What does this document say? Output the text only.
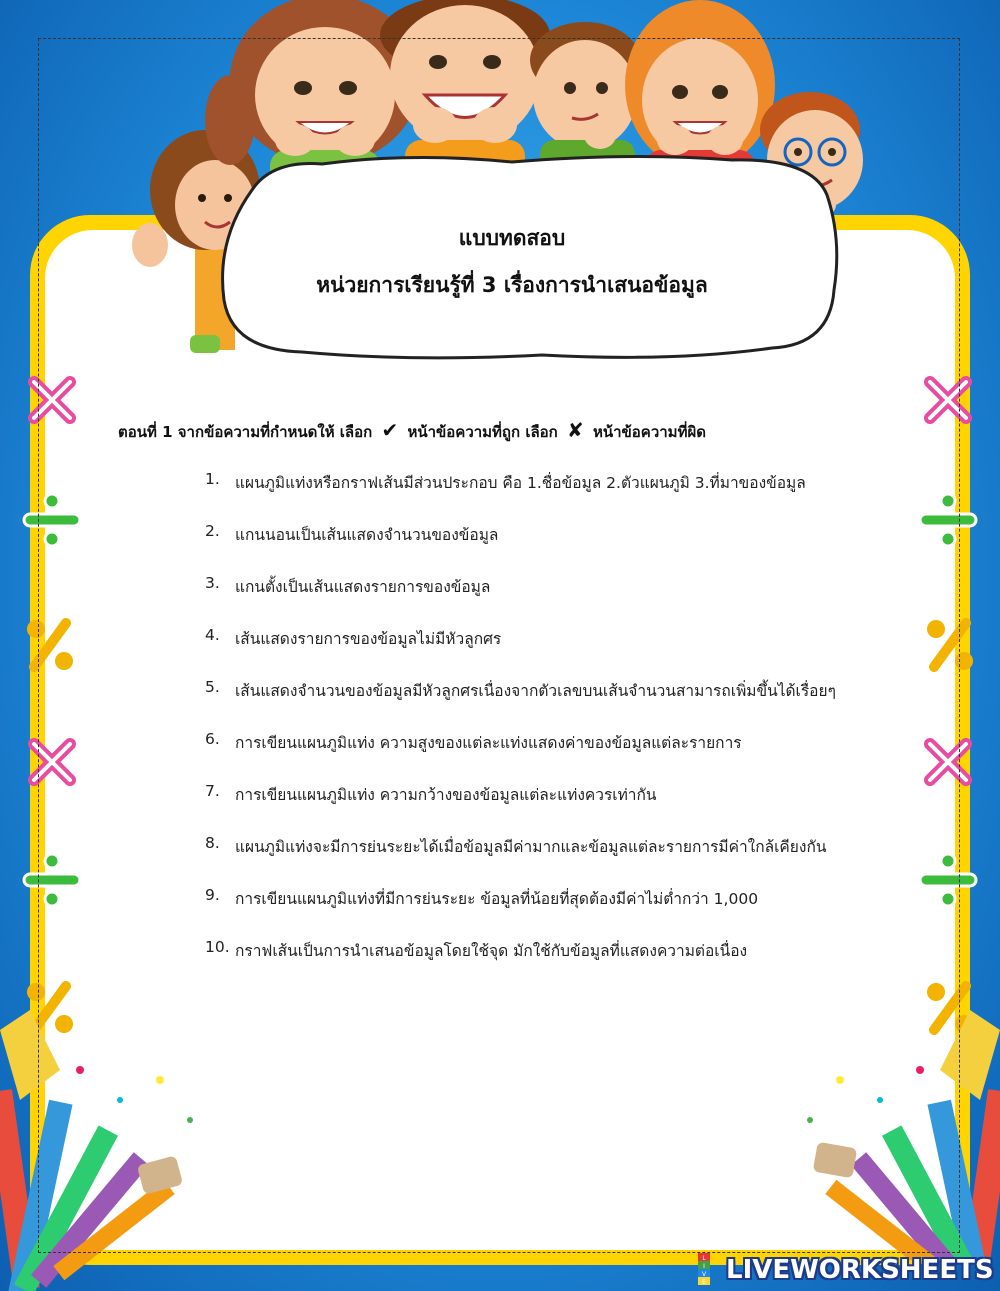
แบบทดสอบ
หน่วยการเรียนรู้ที่ 3 เรื่องการนำเสนอข้อมูล
ตอนที่ 1 จากข้อความที่กำหนดให้ เลือก ✔ หน้าข้อความที่ถูก เลือก ✘ หน้าข้อความที่ผิด
1. แผนภูมิแท่งหรือกราฟเส้นมีส่วนประกอบ คือ 1.ชื่อข้อมูล 2.ตัวแผนภูมิ 3.ที่มาของข้อมูล
2. แกนนอนเป็นเส้นแสดงจำนวนของข้อมูล
3. แกนตั้งเป็นเส้นแสดงรายการของข้อมูล
4. เส้นแสดงรายการของข้อมูลไม่มีหัวลูกศร
5. เส้นแสดงจำนวนของข้อมูลมีหัวลูกศรเนื่องจากตัวเลขบนเส้นจำนวนสามารถเพิ่มขึ้นได้เรื่อยๆ
6. การเขียนแผนภูมิแท่ง ความสูงของแต่ละแท่งแสดงค่าของข้อมูลแต่ละรายการ
7. การเขียนแผนภูมิแท่ง ความกว้างของข้อมูลแต่ละแท่งควรเท่ากัน
8. แผนภูมิแท่งจะมีการย่นระยะได้เมื่อข้อมูลมีค่ามากและข้อมูลแต่ละรายการมีค่าใกล้เคียงกัน
9. การเขียนแผนภูมิแท่งที่มีการย่นระยะ ข้อมูลที่น้อยที่สุดต้องมีค่าไม่ต่ำกว่า 1,000
10. กราฟเส้นเป็นการนำเสนอข้อมูลโดยใช้จุด มักใช้กับข้อมูลที่แสดงความต่อเนื่อง
L
I
V
E LIVEWORKSHEETS
